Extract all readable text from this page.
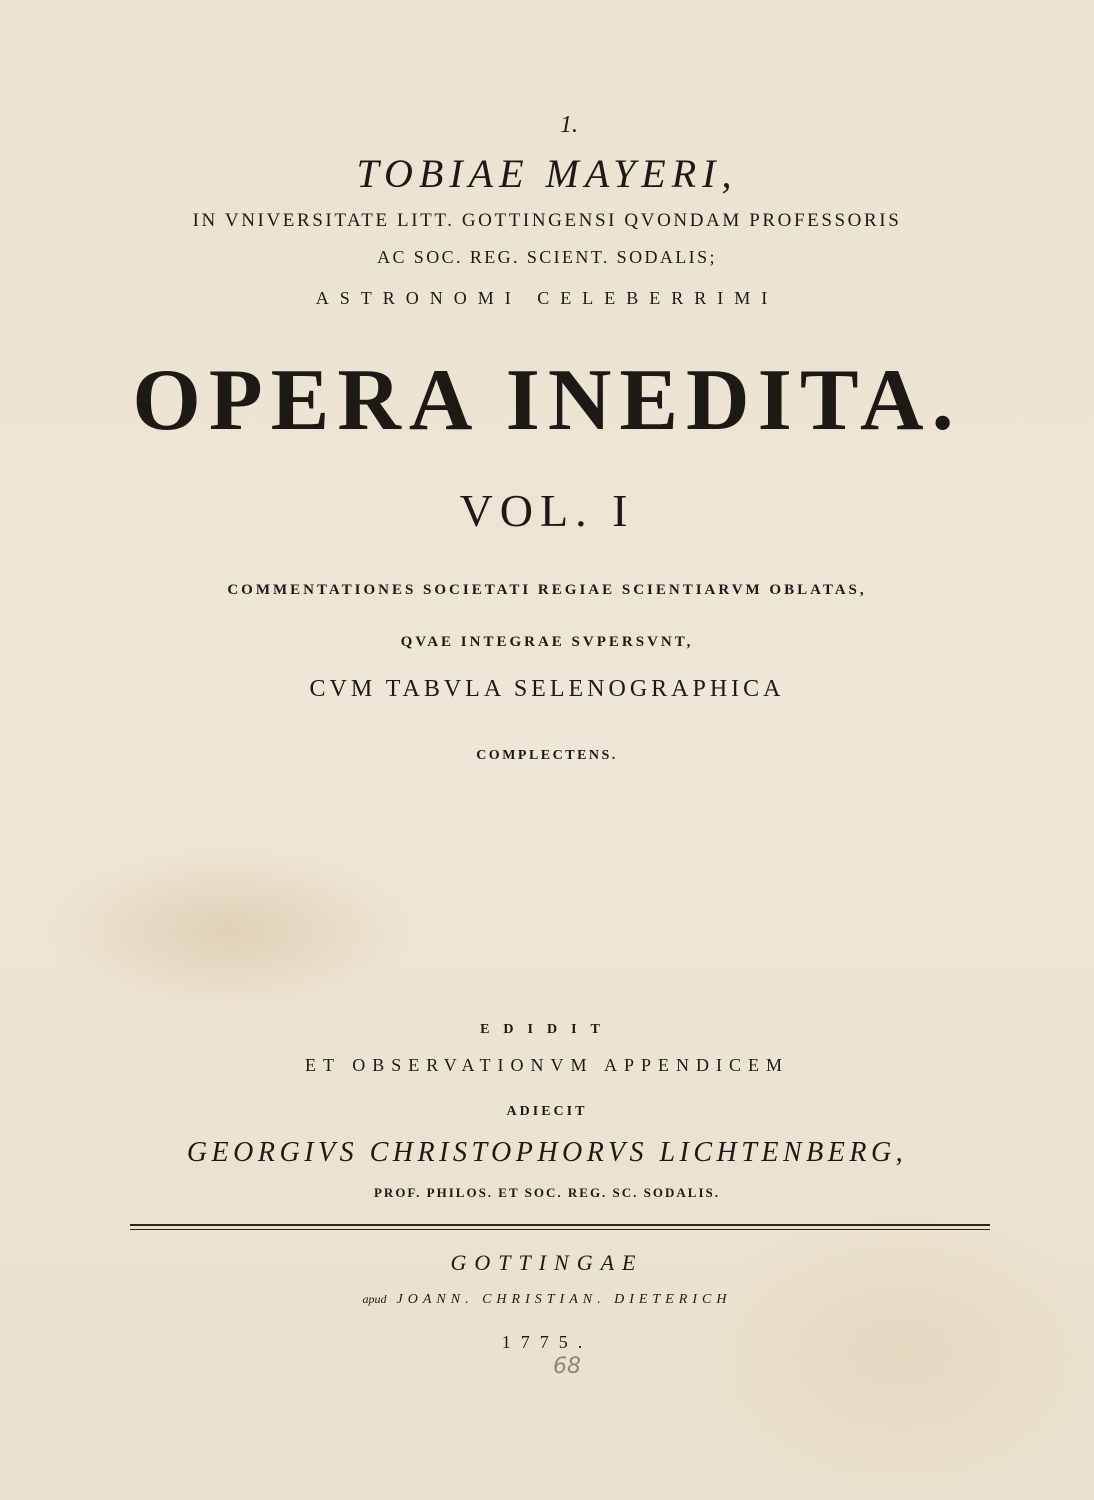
1.
TOBIAE MAYERI,
IN VNIVERSITATE LITT. GOTTINGENSI QVONDAM PROFESSORIS
AC SOC. REG. SCIENT. SODALIS;
ASTRONOMI CELEBERRIMI
OPERA INEDITA.
VOL. I
COMMENTATIONES SOCIETATI REGIAE SCIENTIARVM OBLATAS,
QVAE INTEGRAE SVPERSVNT,
CVM TABVLA SELENOGRAPHICA
COMPLECTENS.
EDIDIT
ET OBSERVATIONVM APPENDICEM
ADIECIT
GEORGIVS CHRISTOPHORVS LICHTENBERG,
PROF. PHILOS. ET SOC. REG. SC. SODALIS.
GOTTINGAE
apud JOANN. CHRISTIAN. DIETERICH
1775.
68
